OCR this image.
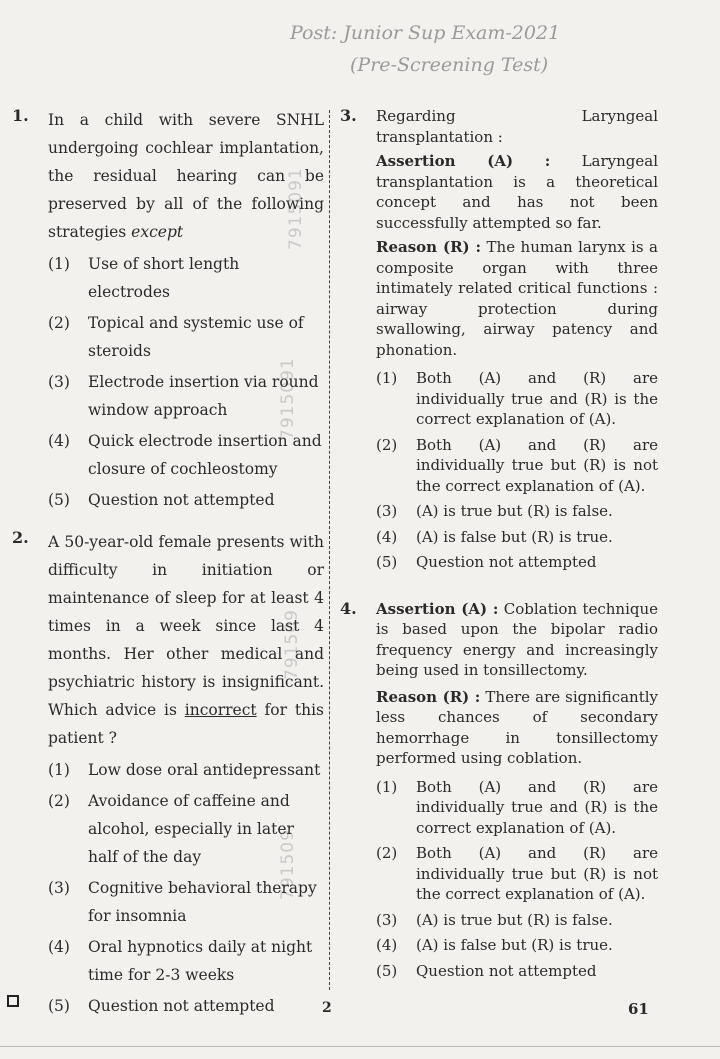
Post: Junior Sup Exam-2021
(Pre-Screening Test)
7915091
7915091
791509
791509
1. In a child with severe SNHL undergoing cochlear implantation, the residual hearing can be preserved by all of the following strategies except
(1) Use of short length electrodes
(2) Topical and systemic use of steroids
(3) Electrode insertion via round window approach
(4) Quick electrode insertion and closure of cochleostomy
(5) Question not attempted
2. A 50-year-old female presents with difficulty in initiation or maintenance of sleep for at least 4 times in a week since last 4 months. Her other medical and psychiatric history is insignificant. Which advice is incorrect for this patient ?
(1) Low dose oral antidepressant
(2) Avoidance of caffeine and alcohol, especially in later half of the day
(3) Cognitive behavioral therapy for insomnia
(4) Oral hypnotics daily at night time for 2-3 weeks
(5) Question not attempted
3. Regarding Laryngeal transplantation :
Assertion (A) : Laryngeal transplantation is a theoretical concept and has not been successfully attempted so far.
Reason (R) : The human larynx is a composite organ with three intimately related critical functions : airway protection during swallowing, airway patency and phonation.
(1) Both (A) and (R) are individually true and (R) is the correct explanation of (A).
(2) Both (A) and (R) are individually true but (R) is not the correct explanation of (A).
(3) (A) is true but (R) is false.
(4) (A) is false but (R) is true.
(5) Question not attempted
4. Assertion (A) : Coblation technique is based upon the bipolar radio frequency energy and increasingly being used in tonsillectomy.
Reason (R) : There are significantly less chances of secondary hemorrhage in tonsillectomy performed using coblation.
(1) Both (A) and (R) are individually true and (R) is the correct explanation of (A).
(2) Both (A) and (R) are individually true but (R) is not the correct explanation of (A).
(3) (A) is true but (R) is false.
(4) (A) is false but (R) is true.
(5) Question not attempted
2	61
